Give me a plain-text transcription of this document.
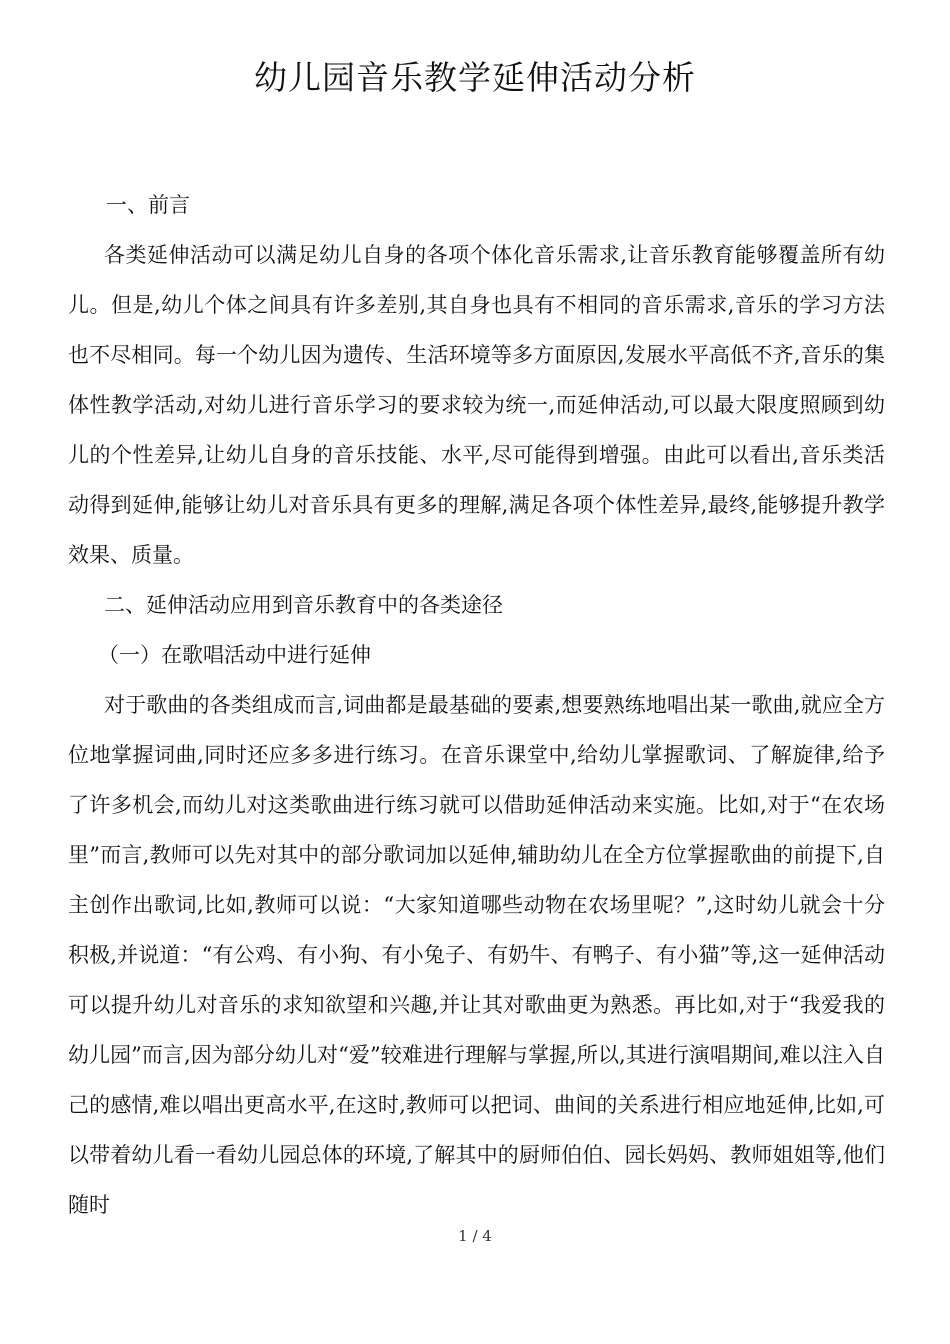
幼儿园音乐教学延伸活动分析

一、前言

各类延伸活动可以满足幼儿自身的各项个体化音乐需求,让音乐教育能够覆盖所有幼儿。但是,幼儿个体之间具有许多差别,其自身也具有不相同的音乐需求,音乐的学习方法也不尽相同。每一个幼儿因为遗传、生活环境等多方面原因,发展水平高低不齐,音乐的集体性教学活动,对幼儿进行音乐学习的要求较为统一,而延伸活动,可以最大限度照顾到幼儿的个性差异,让幼儿自身的音乐技能、水平,尽可能得到增强。由此可以看出,音乐类活动得到延伸,能够让幼儿对音乐具有更多的理解,满足各项个体性差异,最终,能够提升教学效果、质量。

二、延伸活动应用到音乐教育中的各类途径

（一）在歌唱活动中进行延伸

对于歌曲的各类组成而言,词曲都是最基础的要素,想要熟练地唱出某一歌曲,就应全方位地掌握词曲,同时还应多多进行练习。在音乐课堂中,给幼儿掌握歌词、了解旋律,给予了许多机会,而幼儿对这类歌曲进行练习就可以借助延伸活动来实施。比如,对于“在农场里”而言,教师可以先对其中的部分歌词加以延伸,辅助幼儿在全方位掌握歌曲的前提下,自主创作出歌词,比如,教师可以说：“大家知道哪些动物在农场里呢？”,这时幼儿就会十分积极,并说道：“有公鸡、有小狗、有小兔子、有奶牛、有鸭子、有小猫”等,这一延伸活动可以提升幼儿对音乐的求知欲望和兴趣,并让其对歌曲更为熟悉。再比如,对于“我爱我的幼儿园”而言,因为部分幼儿对“爱”较难进行理解与掌握,所以,其进行演唱期间,难以注入自己的感情,难以唱出更高水平,在这时,教师可以把词、曲间的关系进行相应地延伸,比如,可以带着幼儿看一看幼儿园总体的环境,了解其中的厨师伯伯、园长妈妈、教师姐姐等,他们随时

1 / 4
